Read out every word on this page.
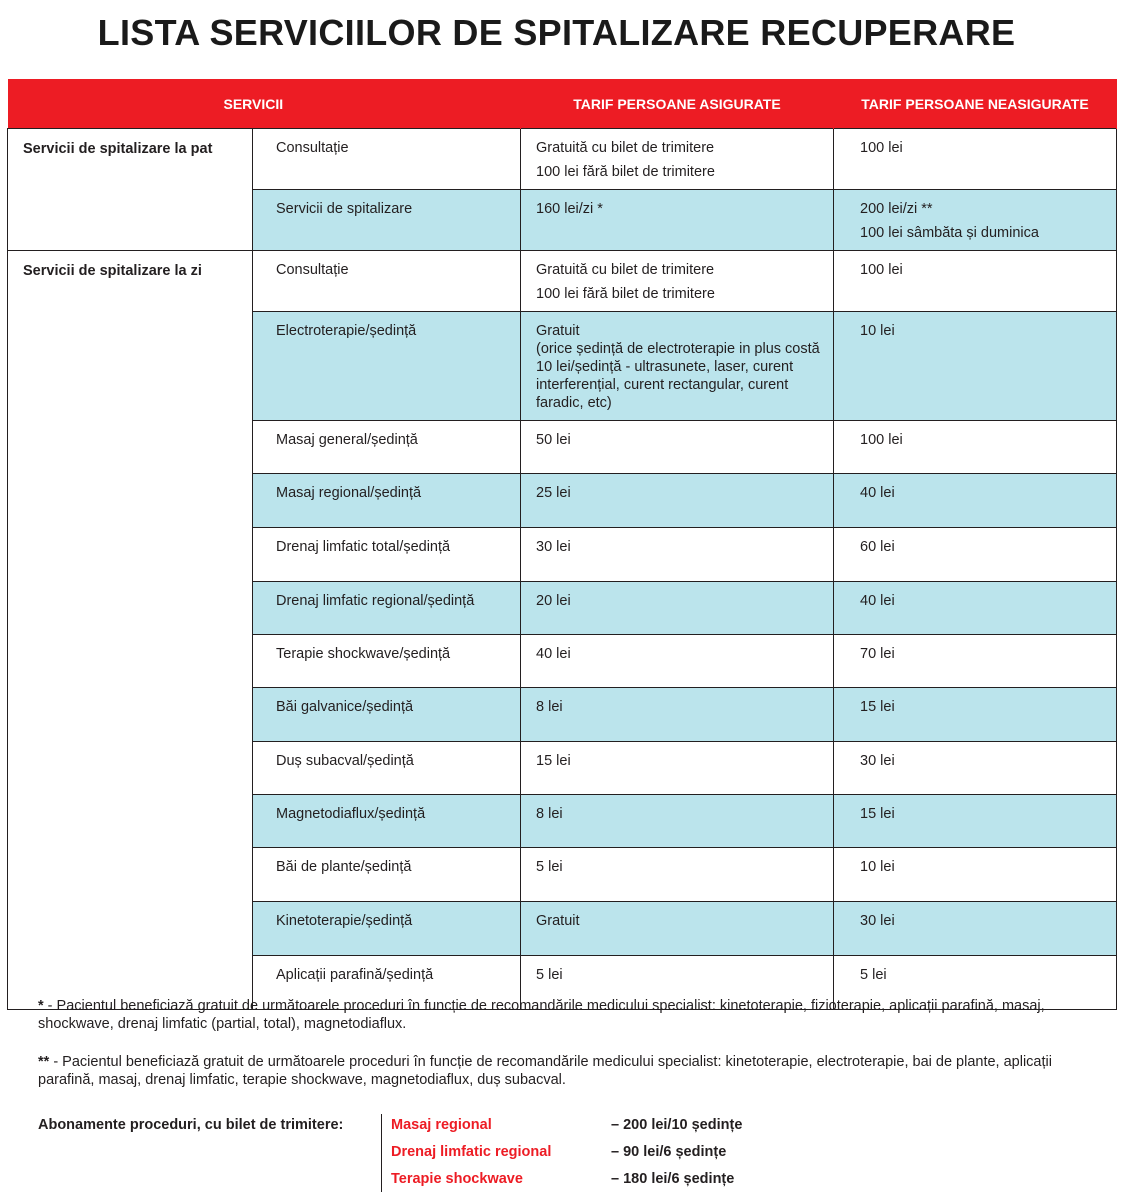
LISTA SERVICIILOR DE SPITALIZARE RECUPERARE
SERVICII		TARIF PERSOANE ASIGURATE	TARIF PERSOANE NEASIGURATE
Servicii de spitalizare la pat	Consultație	Gratuită cu bilet de trimitere
100 lei fără bilet de trimitere	100 lei

	Servicii de spitalizare	160 lei/zi *	200 lei/zi **
100 lei sâmbăta și duminica

Servicii de spitalizare la zi	Consultație	Gratuită cu bilet de trimitere
100 lei fără bilet de trimitere	100 lei

	Electroterapie/ședință	Gratuit
(orice ședință de electroterapie in plus costă 10 lei/ședință - ultrasunete, laser, curent interferențial, curent rectangular, curent faradic, etc)	10 lei

	Masaj general/ședință	50 lei	100 lei

	Masaj regional/ședință	25 lei	40 lei

	Drenaj limfatic total/ședință	30 lei	60 lei

	Drenaj limfatic regional/ședință	20 lei	40 lei

	Terapie shockwave/ședință	40 lei	70 lei

	Băi galvanice/ședință	8 lei	15 lei

	Duș subacval/ședință	15 lei	30 lei

	Magnetodiaflux/ședință	8 lei	15 lei

	Băi de plante/ședință	5 lei	10 lei

	Kinetoterapie/ședință	Gratuit	30 lei

	Aplicații parafină/ședință	5 lei	5 lei
* - Pacientul beneficiază gratuit de următoarele proceduri în funcție de recomandările medicului specialist: kinetoterapie, fizioterapie, aplicații parafină, masaj, shockwave, drenaj limfatic (partial, total), magnetodiaflux.
** - Pacientul beneficiază gratuit de următoarele proceduri în funcție de recomandările medicului specialist: kinetoterapie, electroterapie, bai de plante, aplicații parafină, masaj, drenaj limfatic, terapie shockwave, magnetodiaflux, duș subacval.
Abonamente proceduri, cu bilet de trimitere:	Masaj regional	– 200 lei/10 ședințe
Drenaj limfatic regional	– 90 lei/6 ședințe
Terapie shockwave	– 180 lei/6 ședințe
